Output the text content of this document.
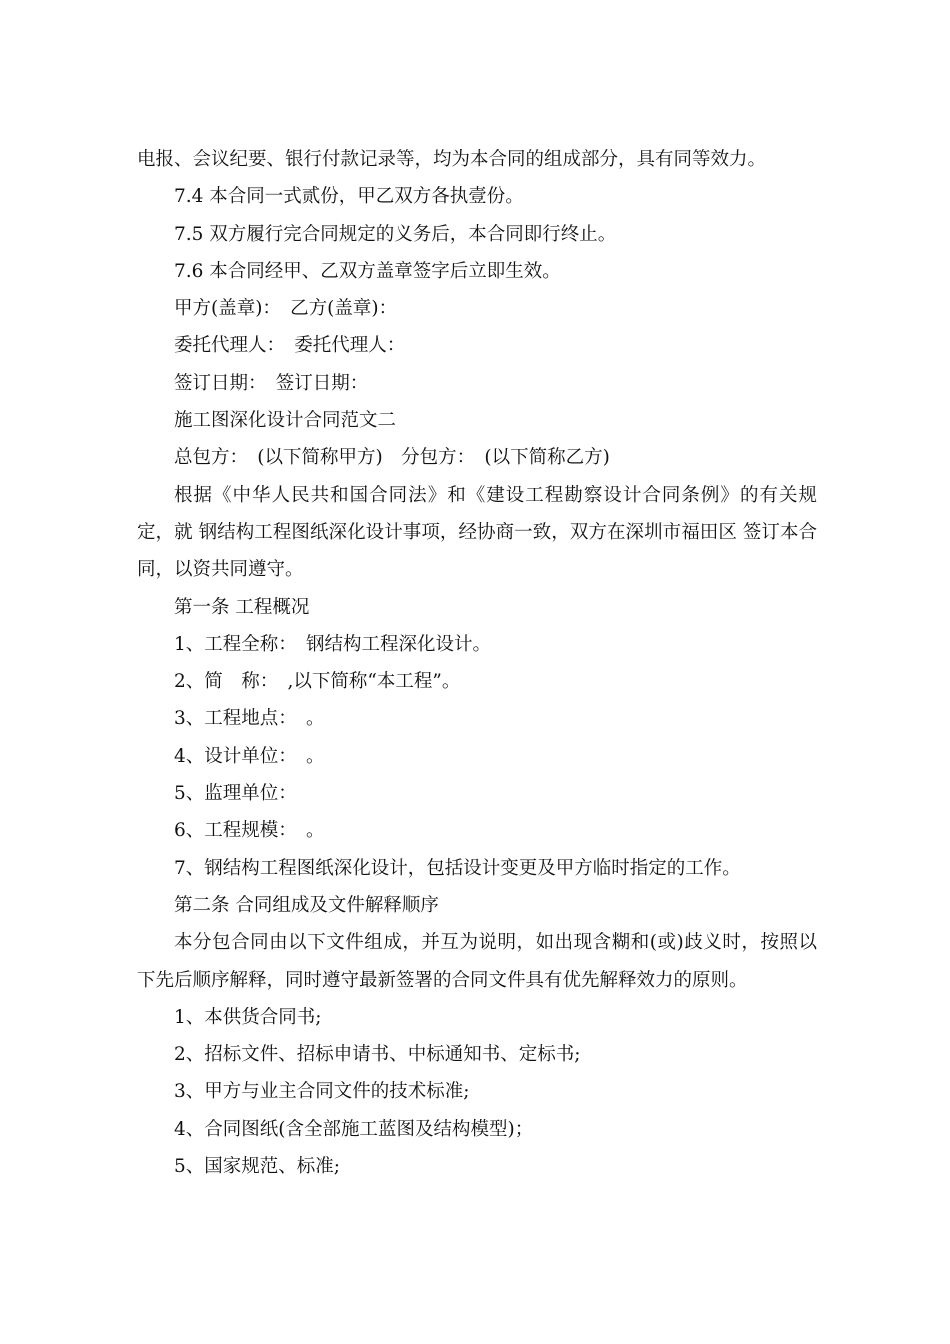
电报、会议纪要、银行付款记录等，均为本合同的组成部分，具有同等效力。

7.4 本合同一式贰份，甲乙双方各执壹份。

7.5 双方履行完合同规定的义务后，本合同即行终止。

7.6 本合同经甲、乙双方盖章签字后立即生效。

甲方(盖章)：　乙方(盖章)：

委托代理人：　委托代理人：

签订日期：　签订日期：

施工图深化设计合同范文二

总包方：　(以下简称甲方)　分包方：　(以下简称乙方)

根据《中华人民共和国合同法》和《建设工程勘察设计合同条例》的有关规定，就 钢结构工程图纸深化设计事项，经协商一致，双方在深圳市福田区 签订本合同，以资共同遵守。

第一条 工程概况

1、工程全称：　钢结构工程深化设计。

2、简　称：　,以下简称“本工程”。

3、工程地点：　。

4、设计单位：　。

5、监理单位：

6、工程规模：　。

7、钢结构工程图纸深化设计，包括设计变更及甲方临时指定的工作。

第二条 合同组成及文件解释顺序

本分包合同由以下文件组成，并互为说明，如出现含糊和(或)歧义时，按照以下先后顺序解释，同时遵守最新签署的合同文件具有优先解释效力的原则。

1、本供货合同书;

2、招标文件、招标申请书、中标通知书、定标书;

3、甲方与业主合同文件的技术标准;

4、合同图纸(含全部施工蓝图及结构模型)；

5、国家规范、标准;
